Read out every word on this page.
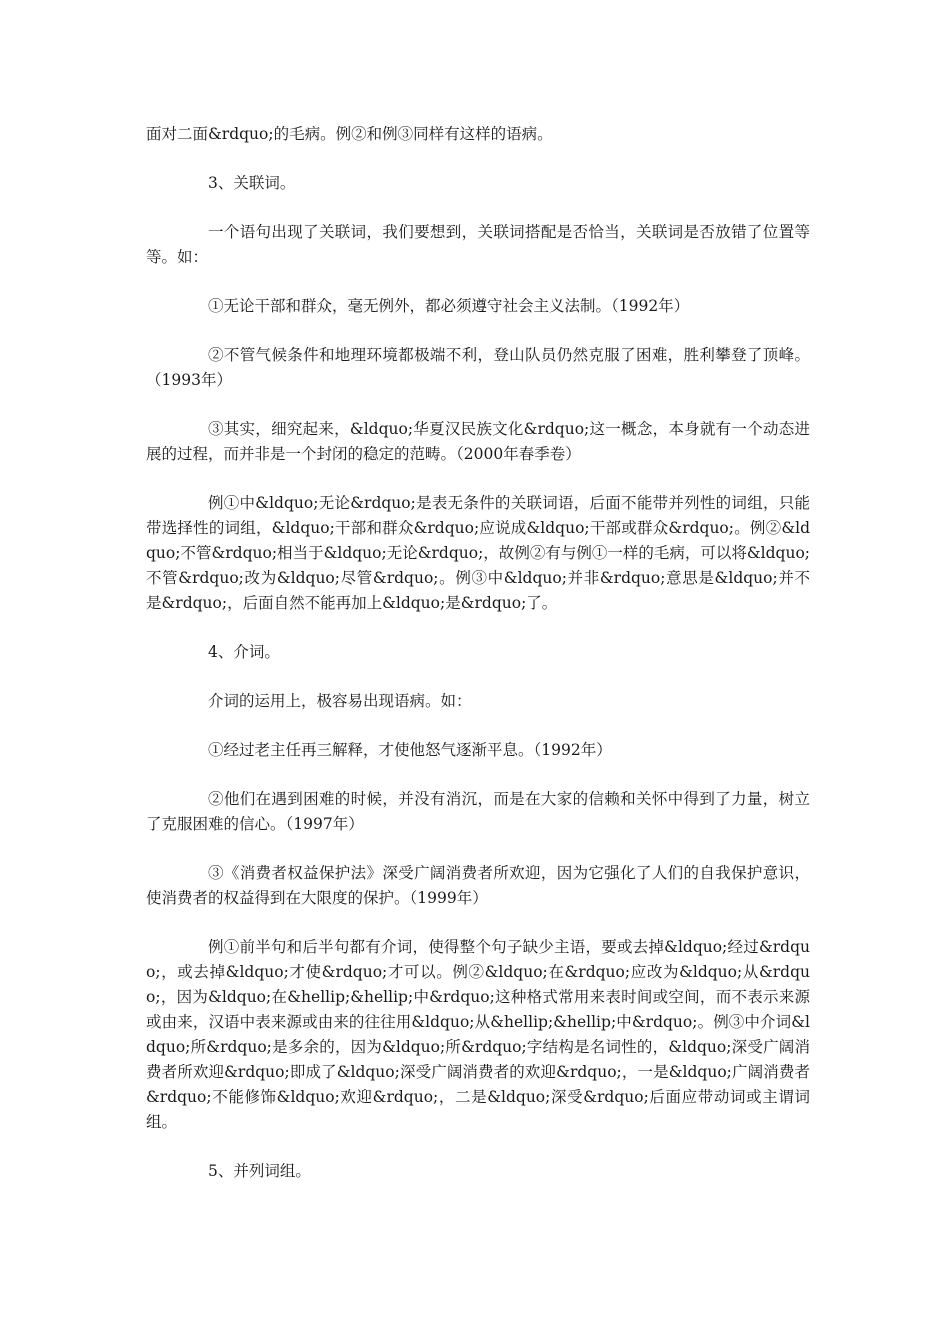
面对二面&rdquo;的毛病。例②和例③同样有这样的语病。

3、关联词。

一个语句出现了关联词，我们要想到，关联词搭配是否恰当，关联词是否放错了位置等等。如：

①无论干部和群众，毫无例外，都必须遵守社会主义法制。（1992年）

②不管气候条件和地理环境都极端不利，登山队员仍然克服了困难，胜利攀登了顶峰。（1993年）

③其实，细究起来，&ldquo;华夏汉民族文化&rdquo;这一概念，本身就有一个动态进展的过程，而并非是一个封闭的稳定的范畴。（2000年春季卷）

例①中&ldquo;无论&rdquo;是表无条件的关联词语，后面不能带并列性的词组，只能带选择性的词组，&ldquo;干部和群众&rdquo;应说成&ldquo;干部或群众&rdquo;。例②&ldquo;不管&rdquo;相当于&ldquo;无论&rdquo;，故例②有与例①一样的毛病，可以将&ldquo;不管&rdquo;改为&ldquo;尽管&rdquo;。例③中&ldquo;并非&rdquo;意思是&ldquo;并不是&rdquo;，后面自然不能再加上&ldquo;是&rdquo;了。

4、介词。

介词的运用上，极容易出现语病。如：

①经过老主任再三解释，才使他怒气逐渐平息。（1992年）

②他们在遇到困难的时候，并没有消沉，而是在大家的信赖和关怀中得到了力量，树立了克服困难的信心。（1997年）

③《消费者权益保护法》深受广阔消费者所欢迎，因为它强化了人们的自我保护意识，使消费者的权益得到在大限度的保护。（1999年）

例①前半句和后半句都有介词，使得整个句子缺少主语，要或去掉&ldquo;经过&rdquo;，或去掉&ldquo;才使&rdquo;才可以。例②&ldquo;在&rdquo;应改为&ldquo;从&rdquo;，因为&ldquo;在&hellip;&hellip;中&rdquo;这种格式常用来表时间或空间，而不表示来源或由来，汉语中表来源或由来的往往用&ldquo;从&hellip;&hellip;中&rdquo;。例③中介词&ldquo;所&rdquo;是多余的，因为&ldquo;所&rdquo;字结构是名词性的，&ldquo;深受广阔消费者所欢迎&rdquo;即成了&ldquo;深受广阔消费者的欢迎&rdquo;，一是&ldquo;广阔消费者&rdquo;不能修饰&ldquo;欢迎&rdquo;，二是&ldquo;深受&rdquo;后面应带动词或主谓词组。

5、并列词组。
